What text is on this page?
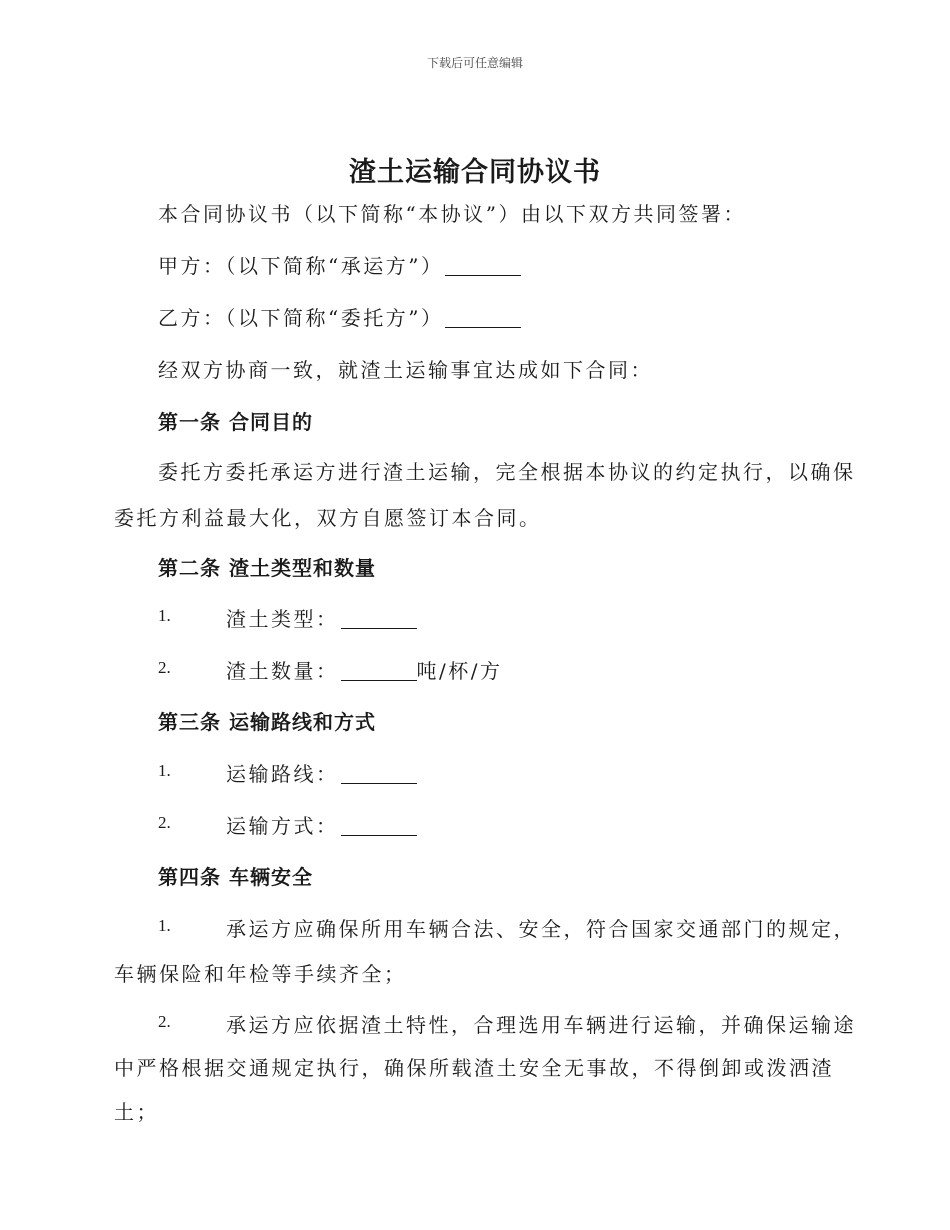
下载后可任意编辑
渣土运输合同协议书
本合同协议书（以下简称“本协议”）由以下双方共同签署：
甲方：（以下简称“承运方”）
乙方：（以下简称“委托方”）
经双方协商一致，就渣土运输事宜达成如下合同：
第一条 合同目的
委托方委托承运方进行渣土运输，完全根据本协议的约定执行，以确保
委托方利益最大化，双方自愿签订本合同。
第二条 渣土类型和数量
1.	渣土类型：
2.	渣土数量：	吨/杯/方
第三条 运输路线和方式
1.	运输路线：
2.	运输方式：
第四条 车辆安全
1.	承运方应确保所用车辆合法、安全，符合国家交通部门的规定，
车辆保险和年检等手续齐全；
2.	承运方应依据渣土特性，合理选用车辆进行运输，并确保运输途
中严格根据交通规定执行，确保所载渣土安全无事故，不得倒卸或泼洒渣
土；
